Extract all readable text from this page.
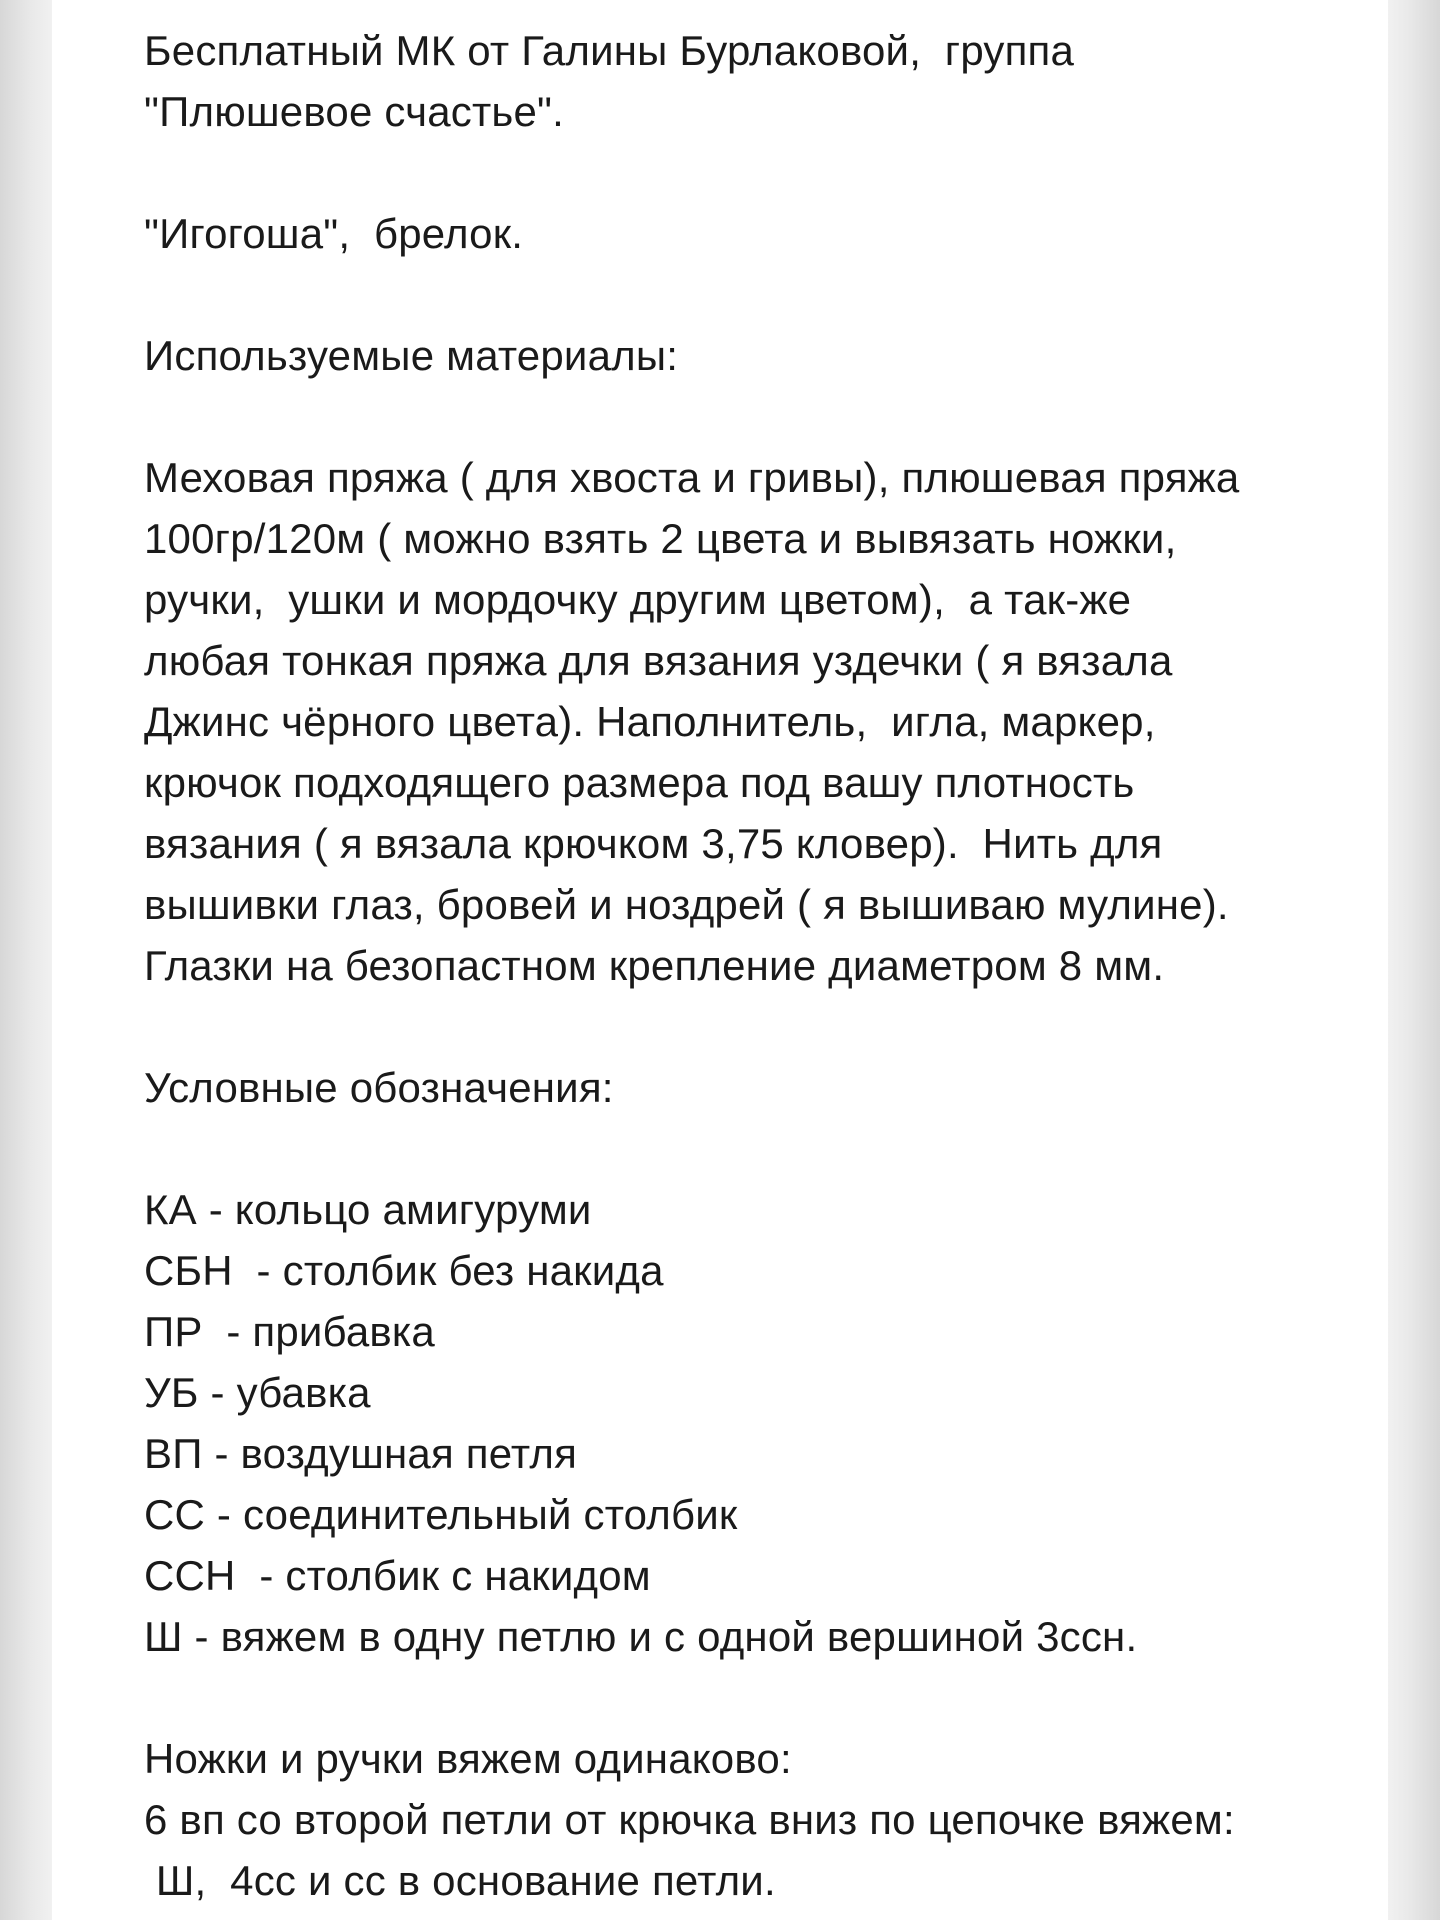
Бесплатный МК от Галины Бурлаковой,  группа
"Плюшевое счастье".
"Игогоша",  брелок.
Используемые материалы:
Меховая пряжа ( для хвоста и гривы), плюшевая пряжа
100гр/120м ( можно взять 2 цвета и вывязать ножки,
ручки,  ушки и мордочку другим цветом),  а так-же
любая тонкая пряжа для вязания уздечки ( я вязала
Джинс чёрного цвета). Наполнитель,  игла, маркер,
крючок подходящего размера под вашу плотность
вязания ( я вязала крючком 3,75 кловер).  Нить для
вышивки глаз, бровей и ноздрей ( я вышиваю мулине).
Глазки на безопастном крепление диаметром 8 мм.
Условные обозначения:
КА - кольцо амигуруми
СБН  - столбик без накида
ПР  - прибавка
УБ - убавка
ВП - воздушная петля
СС - соединительный столбик
ССН  - столбик с накидом
Ш - вяжем в одну петлю и с одной вершиной 3ссн.
Ножки и ручки вяжем одинаково:
6 вп со второй петли от крючка вниз по цепочке вяжем:
Ш,  4сс и сс в основание петли.
